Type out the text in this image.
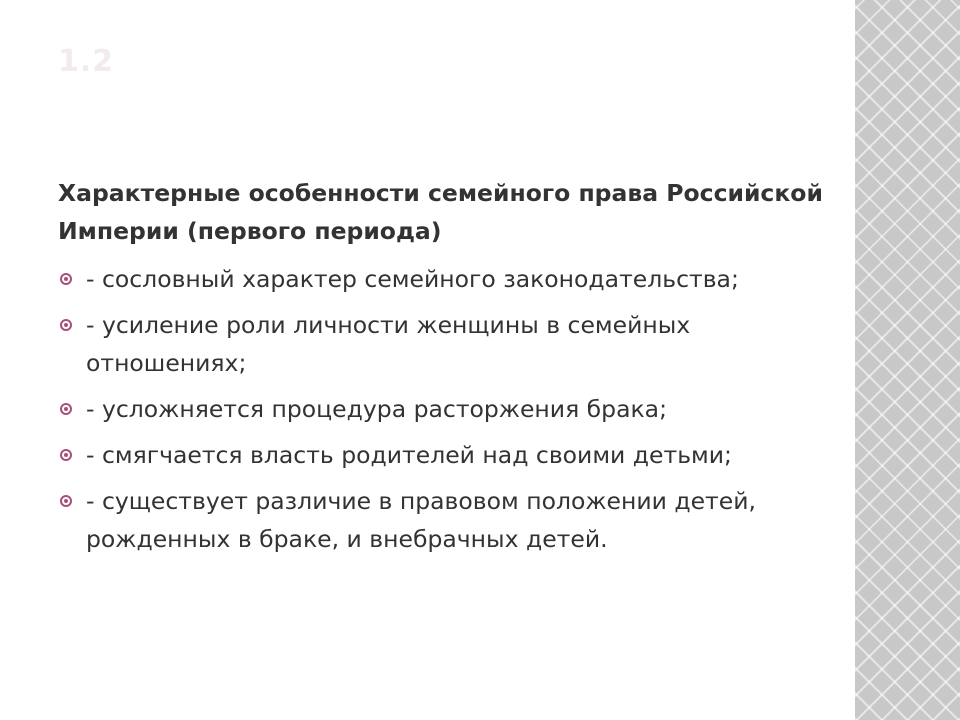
1.2

Характерные особенности семейного права Российской Империи (первого периода)

- сословный характер семейного законодательства;
- усиление роли личности женщины в семейных отношениях;
- усложняется процедура расторжения брака;
- смягчается власть родителей над своими детьми;
- существует различие в правовом положении детей, рожденных в браке, и внебрачных детей.
